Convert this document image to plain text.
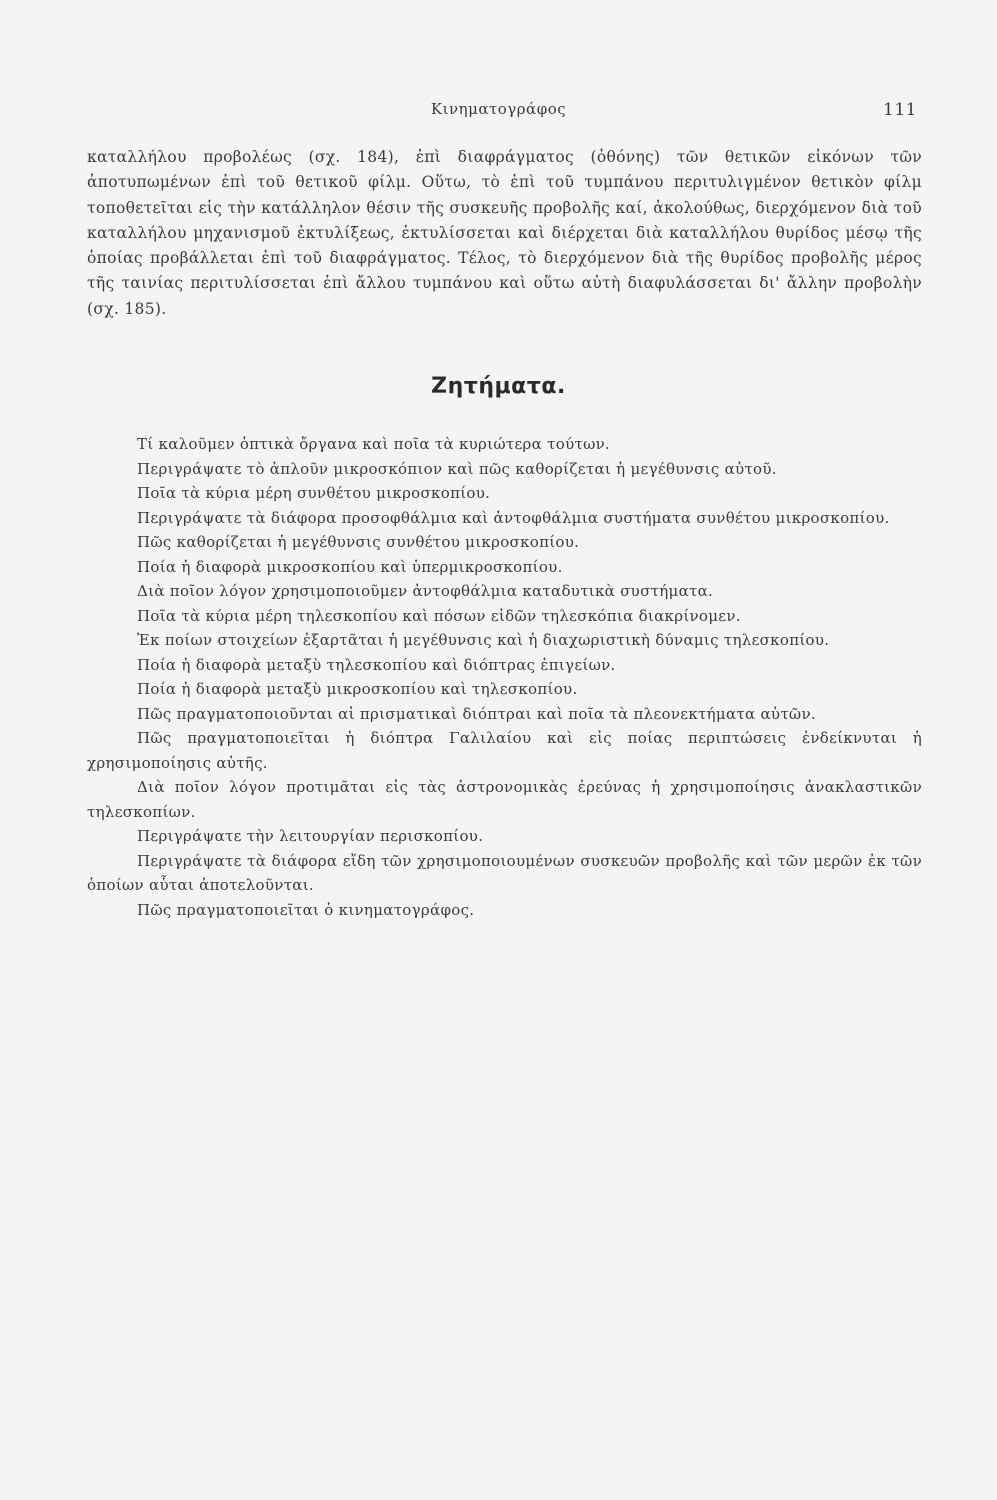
Κινηματογράφος	111

καταλλήλου προβολέως (σχ. 184), ἐπὶ διαφράγματος (ὀθόνης) τῶν θετικῶν εἰκόνων τῶν ἀποτυπωμένων ἐπὶ τοῦ θετικοῦ φίλμ. Οὕτω, τὸ ἐπὶ τοῦ τυμπάνου περιτυλιγμένον θετικὸν φίλμ τοποθετεῖται εἰς τὴν κατάλληλον θέσιν τῆς συσκευῆς προβολῆς καί, ἀκολούθως, διερχόμενον διὰ τοῦ καταλλήλου μηχανισμοῦ ἐκτυλίξεως, ἐκτυλίσσεται καὶ διέρχεται διὰ καταλλήλου θυρίδος μέσῳ τῆς ὁποίας προβάλλεται ἐπὶ τοῦ διαφράγματος. Τέλος, τὸ διερχόμενον διὰ τῆς θυρίδος προβολῆς μέρος τῆς ταινίας περιτυλίσσεται ἐπὶ ἄλλου τυμπάνου καὶ οὕτω αὐτὴ διαφυλάσσεται δι' ἄλλην προβολὴν (σχ. 185).

Ζητήματα.
Τί καλοῦμεν ὀπτικὰ ὄργανα καὶ ποῖα τὰ κυριώτερα τούτων.
Περιγράψατε τὸ ἁπλοῦν μικροσκόπιον καὶ πῶς καθορίζεται ἡ μεγέθυνσις αὐτοῦ.
Ποῖα τὰ κύρια μέρη συνθέτου μικροσκοπίου.
Περιγράψατε τὰ διάφορα προσοφθάλμια καὶ ἀντοφθάλμια συστήματα συνθέτου μικροσκοπίου.
Πῶς καθορίζεται ἡ μεγέθυνσις συνθέτου μικροσκοπίου.
Ποία ἡ διαφορὰ μικροσκοπίου καὶ ὑπερμικροσκοπίου.
Διὰ ποῖον λόγον χρησιμοποιοῦμεν ἀντοφθάλμια καταδυτικὰ συστήματα.
Ποῖα τὰ κύρια μέρη τηλεσκοπίου καὶ πόσων εἰδῶν τηλεσκόπια διακρίνομεν.
Ἐκ ποίων στοιχείων ἐξαρτᾶται ἡ μεγέθυνσις καὶ ἡ διαχωριστικὴ δύναμις τηλεσκοπίου.
Ποία ἡ διαφορὰ μεταξὺ τηλεσκοπίου καὶ διόπτρας ἐπιγείων.
Ποία ἡ διαφορὰ μεταξὺ μικροσκοπίου καὶ τηλεσκοπίου.
Πῶς πραγματοποιοῦνται αἱ πρισματικαὶ διόπτραι καὶ ποῖα τὰ πλεονεκτήματα αὐτῶν.
Πῶς πραγματοποιεῖται ἡ διόπτρα Γαλιλαίου καὶ εἰς ποίας περιπτώσεις ἐνδείκνυται ἡ χρησιμοποίησις αὐτῆς.
Διὰ ποῖον λόγον προτιμᾶται εἰς τὰς ἀστρονομικὰς ἐρεύνας ἡ χρησιμοποίησις ἀνακλαστικῶν τηλεσκοπίων.
Περιγράψατε τὴν λειτουργίαν περισκοπίου.
Περιγράψατε τὰ διάφορα εἴδη τῶν χρησιμοποιουμένων συσκευῶν προβολῆς καὶ τῶν μερῶν ἐκ τῶν ὁποίων αὗται ἀποτελοῦνται.
Πῶς πραγματοποιεῖται ὁ κινηματογράφος.
